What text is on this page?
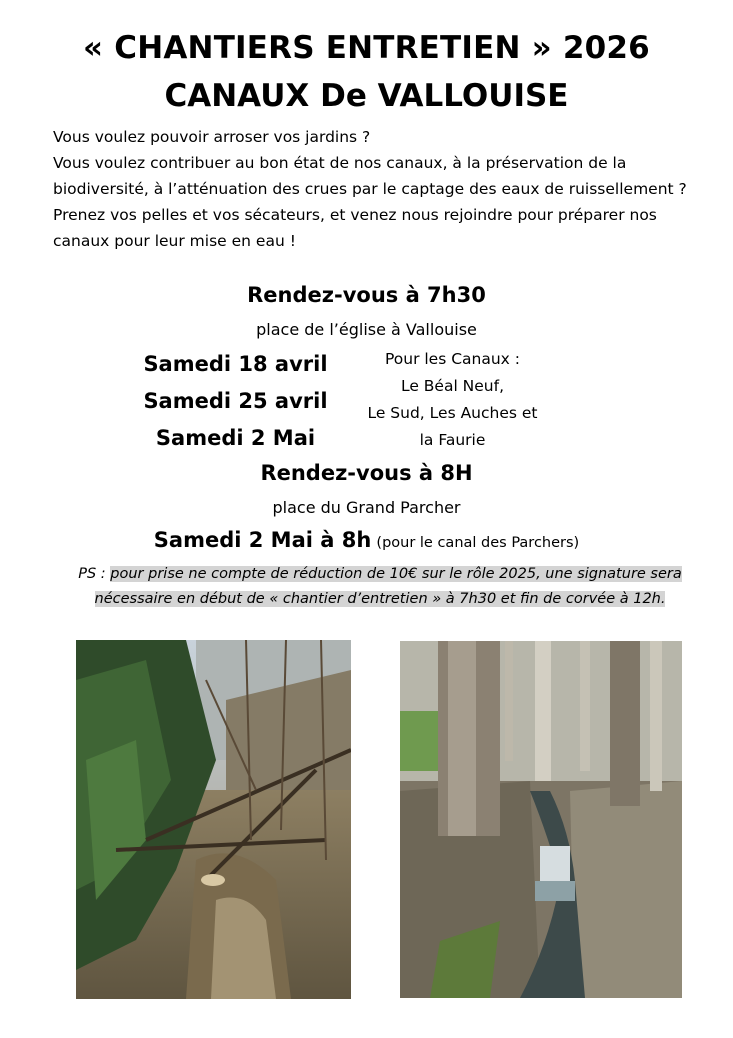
« CHANTIERS ENTRETIEN » 2026
CANAUX De VALLOUISE

Vous voulez pouvoir arroser vos jardins ?

Vous voulez contribuer au bon état de nos canaux, à la préservation de la biodiversité, à l’atténuation des crues par le captage des eaux de ruissellement ?

Prenez vos pelles et vos sécateurs, et venez nous rejoindre pour préparer nos canaux pour leur mise en eau !

Rendez-vous à 7h30
place de l’église à Vallouise
Samedi 18 avril
Samedi 25 avril
Samedi 2 Mai
Pour les Canaux :
Le Béal Neuf,
Le Sud, Les Auches et
la Faurie
Rendez-vous à 8H
place du Grand Parcher
Samedi 2 Mai à 8h (pour le canal des Parchers)
PS : pour prise ne compte de réduction de 10€ sur le rôle 2025, une signature sera nécessaire en début de « chantier d’entretien » à 7h30 et fin de corvée à 12h.
